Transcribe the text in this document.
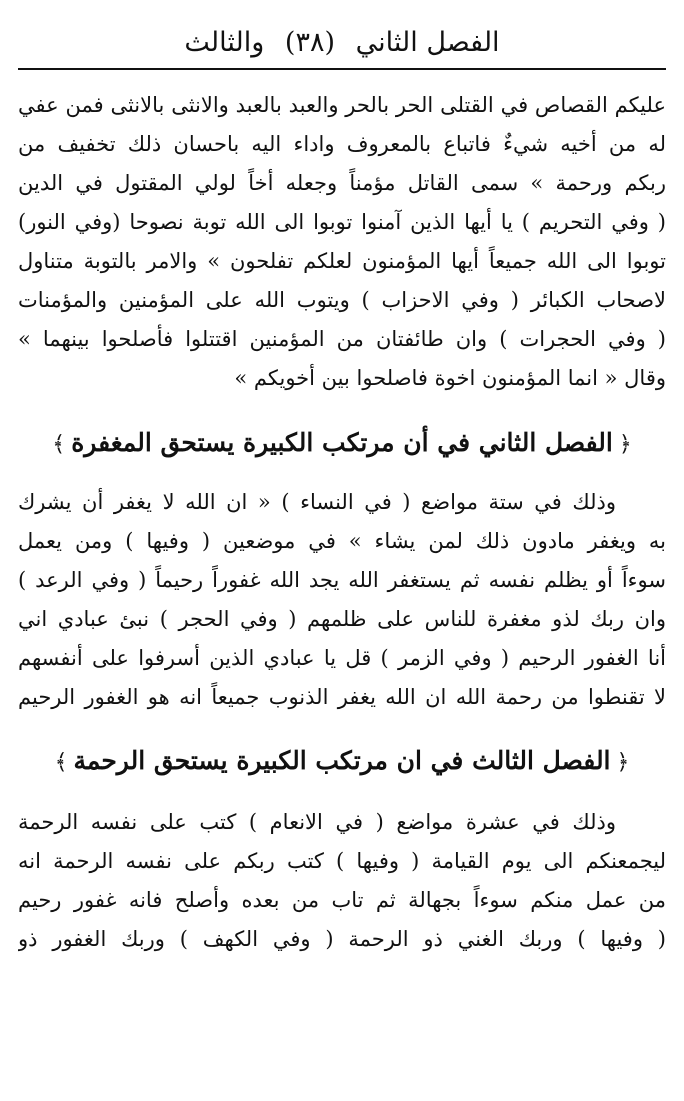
الفصل الثاني (٣٨) والثالث
عليكم القصاص في القتلى الحر بالحر والعبد بالعبد والانثى بالانثى فمن عفي
له من أخيه شيءٌ فاتباع بالمعروف واداء اليه باحسان ذلك تخفيف من
ربكم ورحمة » سمى القاتل مؤمناً وجعله أخاً لولي المقتول في الدين
( وفي التحريم ) يا أيها الذين آمنوا توبوا الى الله توبة نصوحا (وفي النور)
توبوا الى الله جميعاً أيها المؤمنون لعلكم تفلحون » والامر بالتوبة متناول
لاصحاب الكبائر ( وفي الاحزاب ) ويتوب الله على المؤمنين والمؤمنات
( وفي الحجرات ) وان طائفتان من المؤمنين اقتتلوا فأصلحوا بينهما »
وقال « انما المؤمنون اخوة فاصلحوا بين أخويكم »
﴿الفصل الثاني في أن مرتكب الكبيرة يستحق المغفرة﴾
وذلك في ستة مواضع ( في النساء ) « ان الله لا يغفر أن يشرك
به ويغفر مادون ذلك لمن يشاء » في موضعين ( وفيها ) ومن يعمل
سوءاً أو يظلم نفسه ثم يستغفر الله يجد الله غفوراً رحيماً ( وفي الرعد )
وان ربك لذو مغفرة للناس على ظلمهم ( وفي الحجر ) نبئ عبادي اني
أنا الغفور الرحيم ( وفي الزمر ) قل يا عبادي الذين أسرفوا على أنفسهم
لا تقنطوا من رحمة الله ان الله يغفر الذنوب جميعاً انه هو الغفور الرحيم
﴿الفصل الثالث في ان مرتكب الكبيرة يستحق الرحمة﴾
وذلك في عشرة مواضع ( في الانعام ) كتب على نفسه الرحمة
ليجمعنكم الى يوم القيامة ( وفيها ) كتب ربكم على نفسه الرحمة انه
من عمل منكم سوءاً بجهالة ثم تاب من بعده وأصلح فانه غفور رحيم
( وفيها ) وربك الغني ذو الرحمة ( وفي الكهف ) وربك الغفور ذو
